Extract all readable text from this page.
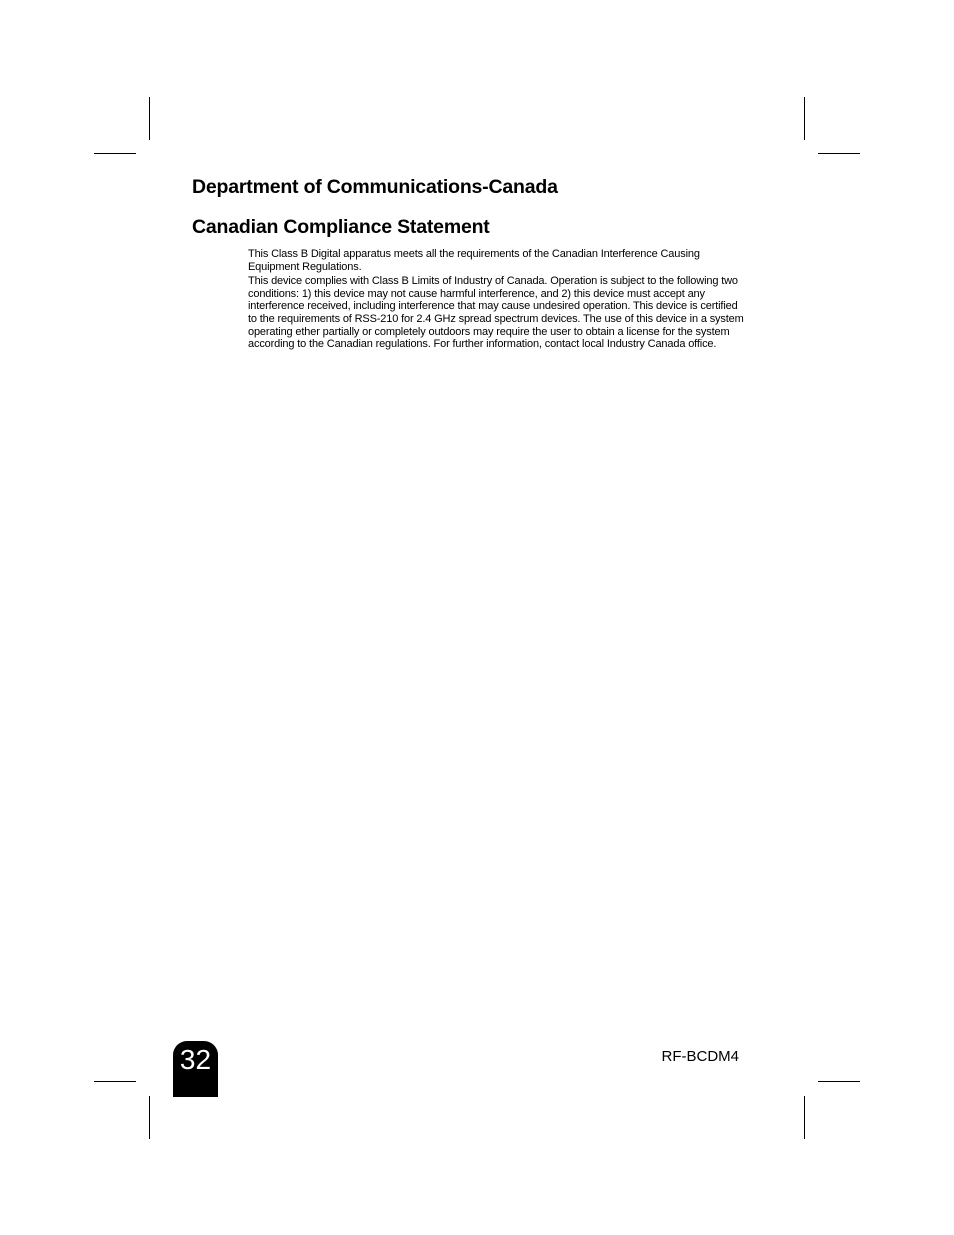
Department of Communications-Canada
Canadian Compliance Statement

This Class B Digital apparatus meets all the requirements of the Canadian Interference Causing Equipment Regulations.

This device complies with Class B Limits of Industry of Canada. Operation is subject to the following two conditions: 1) this device may not cause harmful interference, and 2) this device must accept any interference received, including interference that may cause undesired operation. This device is certified to the requirements of RSS-210 for 2.4 GHz spread spectrum devices. The use of this device in a system operating ether partially or completely outdoors may require the user to obtain a license for the system according to the Canadian regulations. For further information, contact local Industry Canada office.

32	RF-BCDM4
